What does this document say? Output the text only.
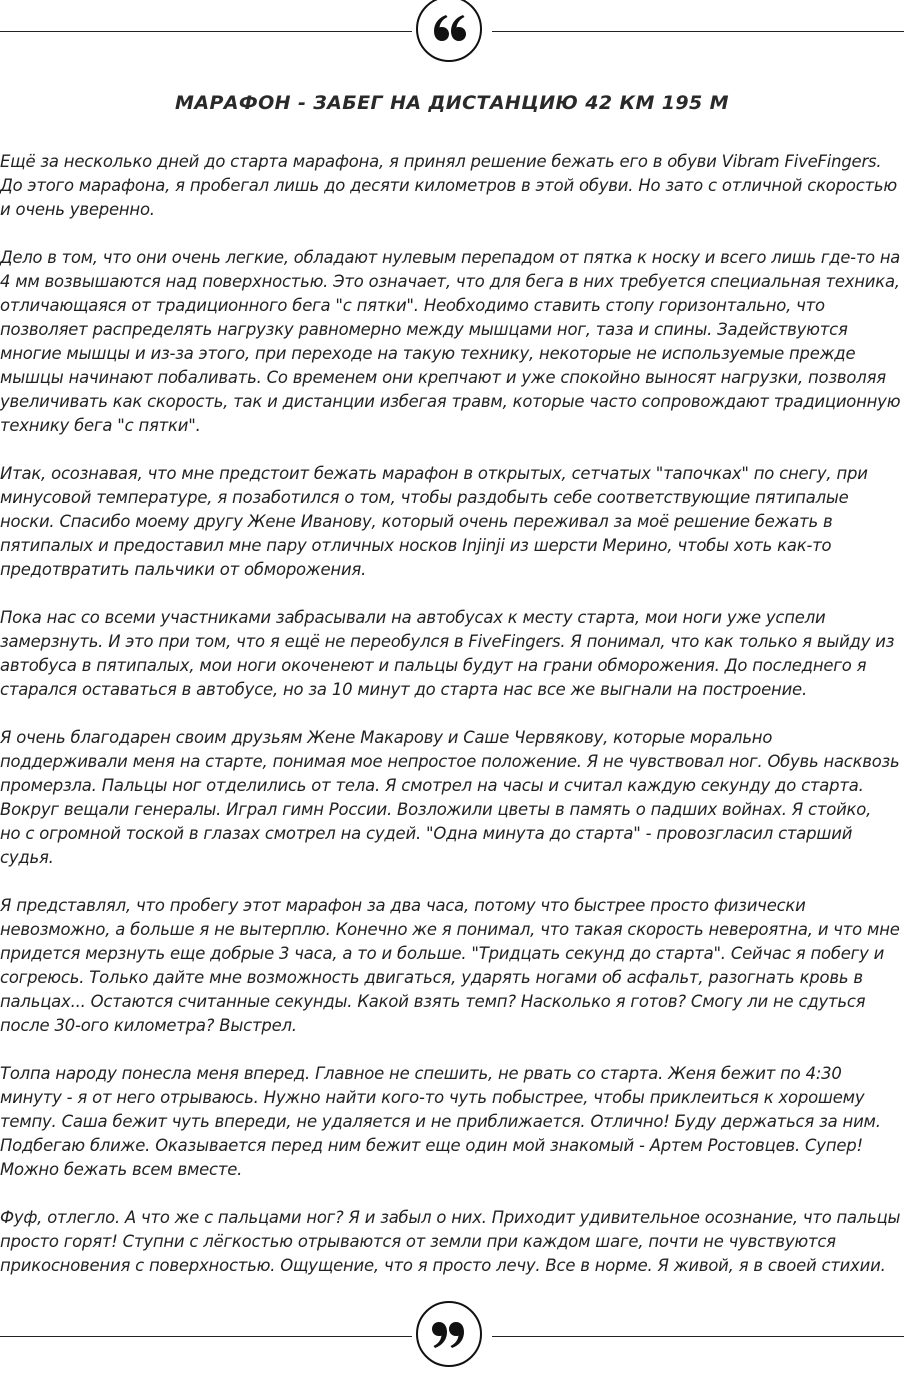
МАРАФОН - ЗАБЕГ НА ДИСТАНЦИЮ 42 КМ 195 М
Ещё за несколько дней до старта марафона, я принял решение бежать его в обуви Vibram FiveFingers.
До этого марафона, я пробегал лишь до десяти километров в этой обуви. Но зато с отличной скоростью
и очень уверенно.
Дело в том, что они очень легкие, обладают нулевым перепадом от пятка к носку и всего лишь где-то на
4 мм возвышаются над поверхностью. Это означает, что для бега в них требуется специальная техника,
отличающаяся от традиционного бега "с пятки". Необходимо ставить стопу горизонтально, что
позволяет распределять нагрузку равномерно между мышцами ног, таза и спины. Задействуются
многие мышцы и из-за этого, при переходе на такую технику, некоторые не используемые прежде
мышцы начинают побаливать. Со временем они крепчают и уже спокойно выносят нагрузки, позволяя
увеличивать как скорость, так и дистанции избегая травм, которые часто сопровождают традиционную
технику бега "с пятки".
Итак, осознавая, что мне предстоит бежать марафон в открытых, сетчатых "тапочках" по снегу, при
минусовой температуре, я позаботился о том, чтобы раздобыть себе соответствующие пятипалые
носки. Спасибо моему другу Жене Иванову, который очень переживал за моё решение бежать в
пятипалых и предоставил мне пару отличных носков Injinji из шерсти Мерино, чтобы хоть как-то
предотвратить пальчики от обморожения.
Пока нас со всеми участниками забрасывали на автобусах к месту старта, мои ноги уже успели
замерзнуть. И это при том, что я ещё не переобулся в FiveFingers. Я понимал, что как только я выйду из
автобуса в пятипалых, мои ноги окоченеют и пальцы будут на грани обморожения. До последнего я
старался оставаться в автобусе, но за 10 минут до старта нас все же выгнали на построение.
Я очень благодарен своим друзьям Жене Макарову и Саше Червякову, которые морально
поддерживали меня на старте, понимая мое непростое положение. Я не чувствовал ног. Обувь насквозь
промерзла. Пальцы ног отделились от тела. Я смотрел на часы и считал каждую секунду до старта.
Вокруг вещали генералы. Играл гимн России. Возложили цветы в память о падших войнах. Я стойко,
но с огромной тоской в глазах смотрел на судей. "Одна минута до старта" - провозгласил старший
судья.
Я представлял, что пробегу этот марафон за два часа, потому что быстрее просто физически
невозможно, а больше я не вытерплю. Конечно же я понимал, что такая скорость невероятна, и что мне
придется мерзнуть еще добрые 3 часа, а то и больше. "Тридцать секунд до старта". Сейчас я побегу и
согреюсь. Только дайте мне возможность двигаться, ударять ногами об асфальт, разогнать кровь в
пальцах... Остаются считанные секунды. Какой взять темп? Насколько я готов? Смогу ли не сдуться
после 30-ого километра? Выстрел.
Толпа народу понесла меня вперед. Главное не спешить, не рвать со старта. Женя бежит по 4:30
минуту - я от него отрываюсь. Нужно найти кого-то чуть побыстрее, чтобы приклеиться к хорошему
темпу. Саша бежит чуть впереди, не удаляется и не приближается. Отлично! Буду держаться за ним.
Подбегаю ближе. Оказывается перед ним бежит еще один мой знакомый - Артем Ростовцев. Супер!
Можно бежать всем вместе.
Фуф, отлегло. А что же с пальцами ног? Я и забыл о них. Приходит удивительное осознание, что пальцы
просто горят! Ступни с лёгкостью отрываются от земли при каждом шаге, почти не чувствуются
прикосновения с поверхностью. Ощущение, что я просто лечу. Все в норме. Я живой, я в своей стихии.
